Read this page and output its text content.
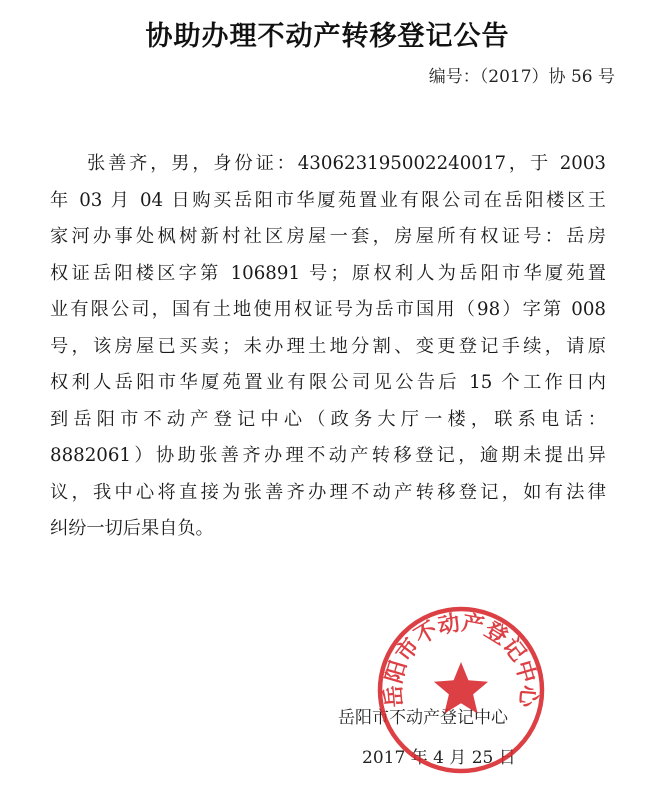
协助办理不动产转移登记公告
编号：（2017）协 56 号
张善齐，男，身份证：430623195002240017，于 2003
年 03 月 04 日购买岳阳市华厦苑置业有限公司在岳阳楼区王
家河办事处枫树新村社区房屋一套，房屋所有权证号：岳房
权证岳阳楼区字第 106891 号；原权利人为岳阳市华厦苑置
业有限公司，国有土地使用权证号为岳市国用（98）字第 008
号，该房屋已买卖；未办理土地分割、变更登记手续，请原
权利人岳阳市华厦苑置业有限公司见公告后 15 个工作日内
到岳阳市不动产登记中心（政务大厅一楼，联系电话：
8882061）协助张善齐办理不动产转移登记，逾期未提出异
议，我中心将直接为张善齐办理不动产转移登记，如有法律
纠纷一切后果自负。
岳阳市不动产登记中心
2017 年 4 月 25 日
岳阳市不动产登记中心
